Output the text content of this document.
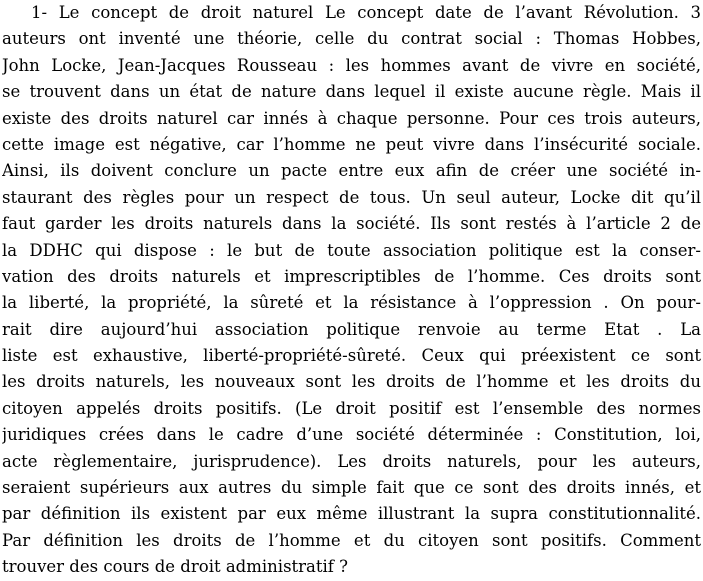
1- Le concept de droit naturel Le concept date de l’avant Révolution. 3
auteurs ont inventé une théorie, celle du contrat social : Thomas Hobbes,
John Locke, Jean-Jacques Rousseau : les hommes avant de vivre en société,
se trouvent dans un état de nature dans lequel il existe aucune règle. Mais il
existe des droits naturel car innés à chaque personne. Pour ces trois auteurs,
cette image est négative, car l’homme ne peut vivre dans l’insécurité sociale.
Ainsi, ils doivent conclure un pacte entre eux afin de créer une société in-
staurant des règles pour un respect de tous. Un seul auteur, Locke dit qu’il
faut garder les droits naturels dans la société. Ils sont restés à l’article 2 de
la DDHC qui dispose : le but de toute association politique est la conser-
vation des droits naturels et imprescriptibles de l’homme. Ces droits sont
la liberté, la propriété, la sûreté et la résistance à l’oppression . On pour-
rait dire aujourd’hui association politique renvoie au terme Etat . La
liste est exhaustive, liberté-propriété-sûreté. Ceux qui préexistent ce sont
les droits naturels, les nouveaux sont les droits de l’homme et les droits du
citoyen appelés droits positifs. (Le droit positif est l’ensemble des normes
juridiques crées dans le cadre d’une société déterminée : Constitution, loi,
acte règlementaire, jurisprudence). Les droits naturels, pour les auteurs,
seraient supérieurs aux autres du simple fait que ce sont des droits innés, et
par définition ils existent par eux même illustrant la supra constitutionnalité.
Par définition les droits de l’homme et du citoyen sont positifs. Comment
trouver des cours de droit administratif ?
